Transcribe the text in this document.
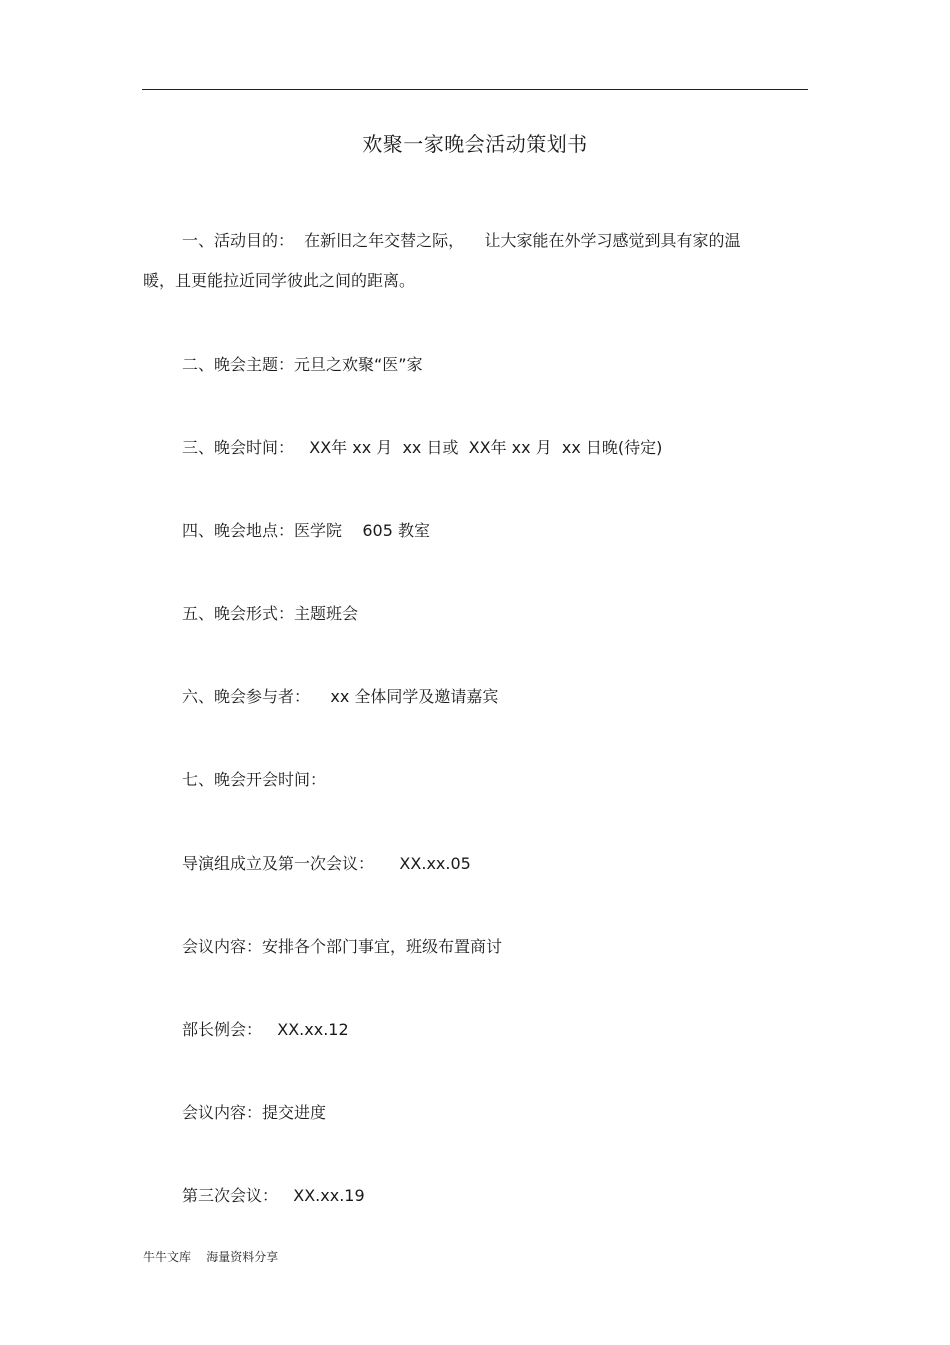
欢聚一家晚会活动策划书
一、活动目的：  在新旧之年交替之际，    让大家能在外学习感觉到具有家的温
暖，且更能拉近同学彼此之间的距离。
二、晚会主题：元旦之欢聚“医”家
三、晚会时间：   XX年 xx 月  xx 日或  XX年 xx 月  xx 日晚(待定)
四、晚会地点：医学院    605 教室
五、晚会形式：主题班会
六、晚会参与者：    xx 全体同学及邀请嘉宾
七、晚会开会时间：
导演组成立及第一次会议：     XX.xx.05
会议内容：安排各个部门事宜，班级布置商讨
部长例会：   XX.xx.12
会议内容：提交进度
第三次会议：   XX.xx.19
牛牛文库    海量资料分享
